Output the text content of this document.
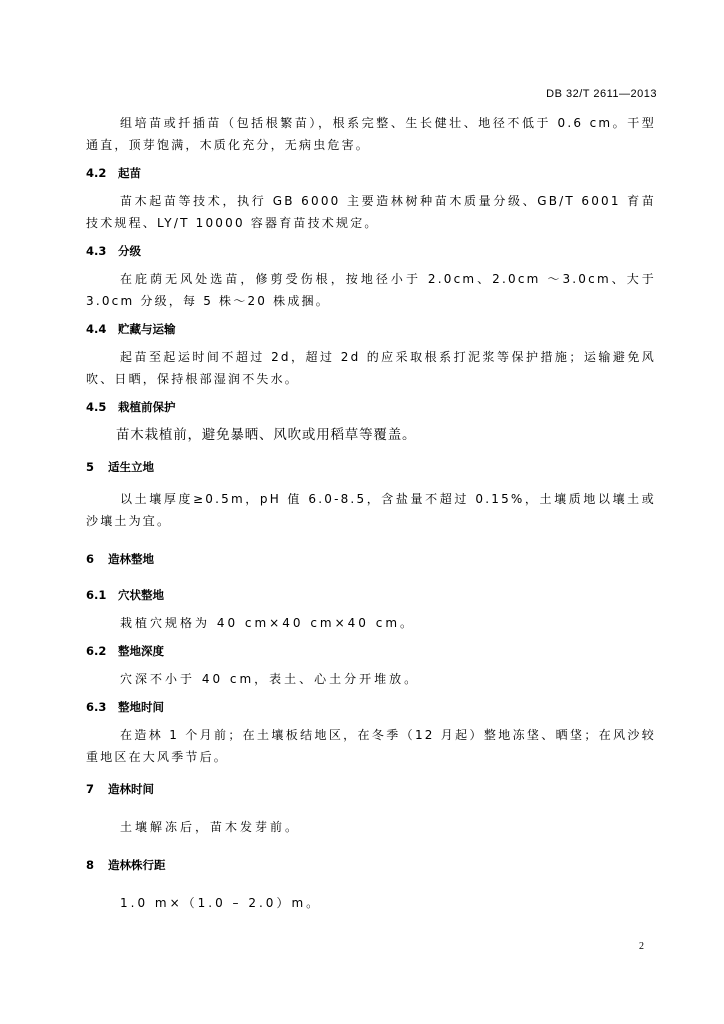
DB 32/T 2611—2013

组培苗或扦插苗（包括根繁苗），根系完整、生长健壮、地径不低于 0.6 cm。干型通直，顶芽饱满，木质化充分，无病虫危害。

4.2	起苗

苗木起苗等技术，执行 GB 6000 主要造林树种苗木质量分级、GB/T 6001 育苗技术规程、LY/T 10000 容器育苗技术规定。

4.3	分级

在庇荫无风处选苗，修剪受伤根，按地径小于 2.0cm、2.0cm ～3.0cm、大于 3.0cm 分级，每 5 株～20 株成捆。

4.4	贮藏与运输

起苗至起运时间不超过 2d，超过 2d 的应采取根系打泥浆等保护措施；运输避免风吹、日晒，保持根部湿润不失水。

4.5	栽植前保护

苗木栽植前，避免暴晒、风吹或用稻草等覆盖。

5	适生立地

以土壤厚度≥0.5m，pH 值 6.0-8.5，含盐量不超过 0.15%，土壤质地以壤土或沙壤土为宜。

6	造林整地
6.1	穴状整地

栽植穴规格为 40 cm×40 cm×40 cm。

6.2	整地深度

穴深不小于 40 cm，表土、心土分开堆放。

6.3	整地时间

在造林 1 个月前；在土壤板结地区，在冬季（12 月起）整地冻垡、晒垡；在风沙较重地区在大风季节后。

7	造林时间

土壤解冻后，苗木发芽前。

8	造林株行距

1.0 m×（1.0 – 2.0）m。

2
